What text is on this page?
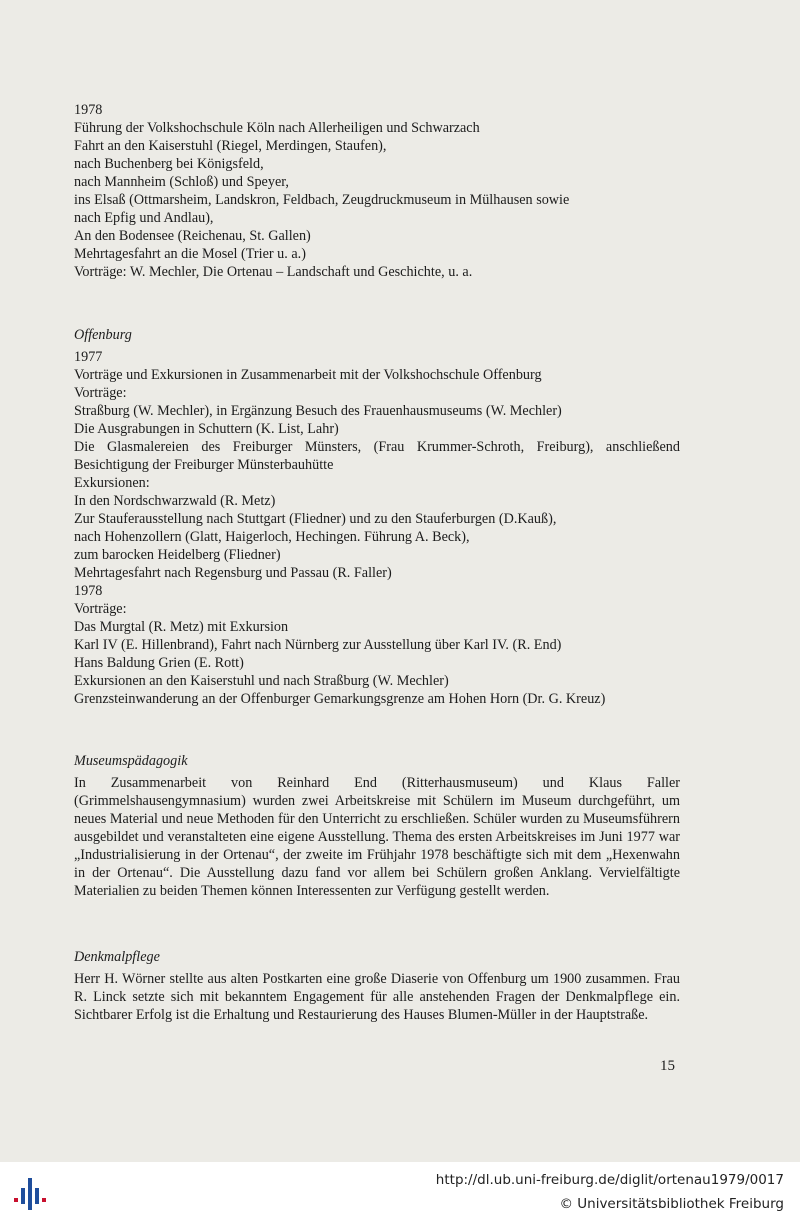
1978
Führung der Volkshochschule Köln nach Allerheiligen und Schwarzach
Fahrt an den Kaiserstuhl (Riegel, Merdingen, Staufen),
nach Buchenberg bei Königsfeld,
nach Mannheim (Schloß) und Speyer,
ins Elsaß (Ottmarsheim, Landskron, Feldbach, Zeugdruckmuseum in Mülhausen sowie
nach Epfig und Andlau),
An den Bodensee (Reichenau, St. Gallen)
Mehrtagesfahrt an die Mosel (Trier u. a.)
Vorträge: W. Mechler, Die Ortenau – Landschaft und Geschichte, u. a.
Offenburg
1977
Vorträge und Exkursionen in Zusammenarbeit mit der Volkshochschule Offenburg
Vorträge:
Straßburg (W. Mechler), in Ergänzung Besuch des Frauenhausmuseums (W. Mechler)
Die Ausgrabungen in Schuttern (K. List, Lahr)
Die Glasmalereien des Freiburger Münsters, (Frau Krummer-Schroth, Freiburg), anschließend Besichtigung der Freiburger Münsterbauhütte
Exkursionen:
In den Nordschwarzwald (R. Metz)
Zur Stauferausstellung nach Stuttgart (Fliedner) und zu den Stauferburgen (D.Kauß),
nach Hohenzollern (Glatt, Haigerloch, Hechingen. Führung A. Beck),
zum barocken Heidelberg (Fliedner)
Mehrtagesfahrt nach Regensburg und Passau (R. Faller)
1978
Vorträge:
Das Murgtal (R. Metz) mit Exkursion
Karl IV (E. Hillenbrand), Fahrt nach Nürnberg zur Ausstellung über Karl IV. (R. End)
Hans Baldung Grien (E. Rott)
Exkursionen an den Kaiserstuhl und nach Straßburg (W. Mechler)
Grenzsteinwanderung an der Offenburger Gemarkungsgrenze am Hohen Horn (Dr. G. Kreuz)
Museumspädagogik
In Zusammenarbeit von Reinhard End (Ritterhausmuseum) und Klaus Faller (Grimmelshausengymnasium) wurden zwei Arbeitskreise mit Schülern im Museum durchgeführt, um neues Material und neue Methoden für den Unterricht zu erschließen. Schüler wurden zu Museumsführern ausgebildet und veranstalteten eine eigene Ausstellung. Thema des ersten Arbeitskreises im Juni 1977 war „Industrialisierung in der Ortenau“, der zweite im Frühjahr 1978 beschäftigte sich mit dem „Hexenwahn in der Ortenau“. Die Ausstellung dazu fand vor allem bei Schülern großen Anklang. Vervielfältigte Materialien zu beiden Themen können Interessenten zur Verfügung gestellt werden.
Denkmalpflege
Herr H. Wörner stellte aus alten Postkarten eine große Diaserie von Offenburg um 1900 zusammen. Frau R. Linck setzte sich mit bekanntem Engagement für alle anstehenden Fragen der Denkmalpflege ein. Sichtbarer Erfolg ist die Erhaltung und Restaurierung des Hauses Blumen-Müller in der Hauptstraße.
15
http://dl.ub.uni-freiburg.de/diglit/ortenau1979/0017
© Universitätsbibliothek Freiburg
